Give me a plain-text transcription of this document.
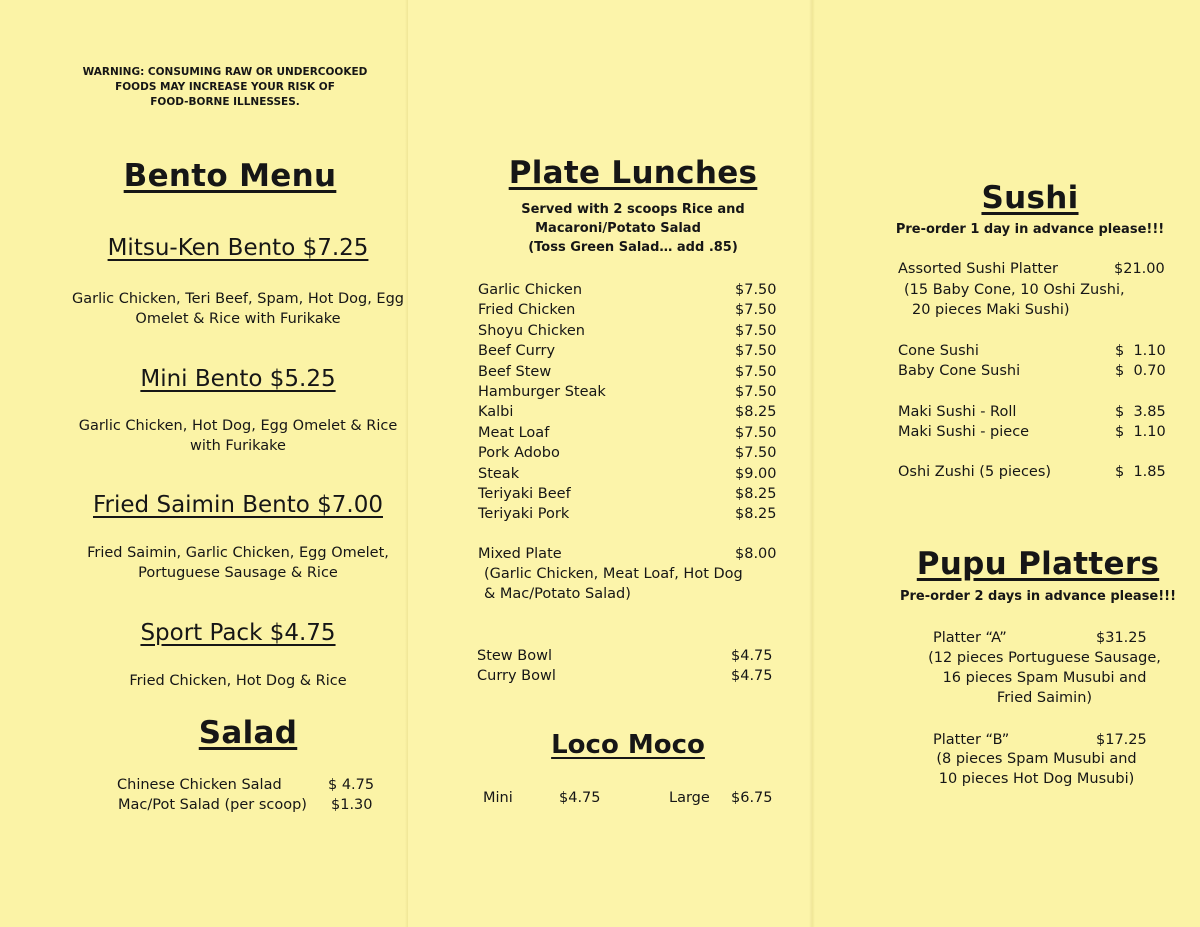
WARNING: CONSUMING RAW OR UNDERCOOKED
FOODS MAY INCREASE YOUR RISK OF
FOOD-BORNE ILLNESSES.
Bento Menu
Mitsu-Ken Bento $7.25
Garlic Chicken, Teri Beef, Spam, Hot Dog, Egg
Omelet & Rice with Furikake
Mini Bento $5.25
Garlic Chicken, Hot Dog, Egg Omelet & Rice
with Furikake
Fried Saimin Bento $7.00
Fried Saimin, Garlic Chicken, Egg Omelet,
Portuguese Sausage & Rice
Sport Pack $4.75
Fried Chicken, Hot Dog & Rice
Salad
Chinese Chicken Salad	$ 4.75
Mac/Pot Salad (per scoop) $1.30
Plate Lunches
Served with 2 scoops Rice and
Macaroni/Potato Salad
(Toss Green Salad… add .85)
Garlic Chicken	$7.50
Fried Chicken	$7.50
Shoyu Chicken	$7.50
Beef Curry	$7.50
Beef Stew	$7.50
Hamburger Steak	$7.50
Kalbi	$8.25
Meat Loaf	$7.50
Pork Adobo	$7.50
Steak	$9.00
Teriyaki Beef	$8.25
Teriyaki Pork	$8.25
Mixed Plate	$8.00
(Garlic Chicken, Meat Loaf, Hot Dog
& Mac/Potato Salad)
Stew Bowl	$4.75
Curry Bowl	$4.75
Loco Moco
Mini	$4.75	Large $6.75
Sushi
Pre-order 1 day in advance please!!!
Assorted Sushi Platter	$21.00
(15 Baby Cone, 10 Oshi Zushi,
20 pieces Maki Sushi)
Cone Sushi	$  1.10
Baby Cone Sushi	$  0.70
Maki Sushi - Roll	$  3.85
Maki Sushi - piece	$  1.10
Oshi Zushi (5 pieces)	$  1.85
Pupu Platters
Pre-order 2 days in advance please!!!
Platter “A”	$31.25
(12 pieces Portuguese Sausage,
16 pieces Spam Musubi and
Fried Saimin)
Platter “B”	$17.25
(8 pieces Spam Musubi and
10 pieces Hot Dog Musubi)
